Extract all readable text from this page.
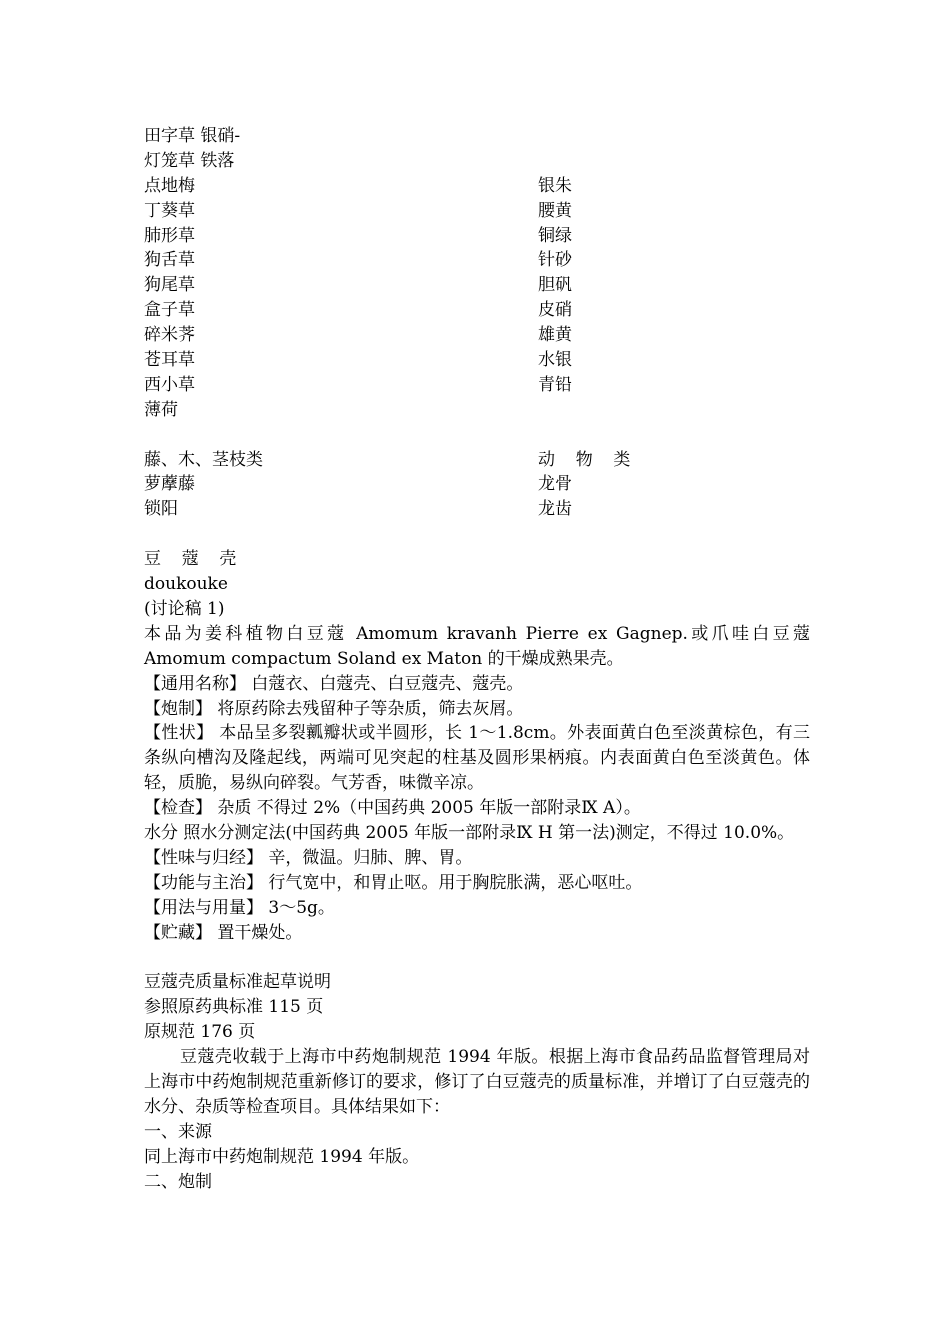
田字草 银硝-
灯笼草 铁落
点地梅	银朱
丁葵草	腰黄
肺形草	铜绿
狗舌草	针砂
狗尾草	胆矾
盒子草	皮硝
碎米荠	雄黄
苍耳草	水银
西小草	青铅
薄荷
藤、木、茎枝类	动 物 类
萝藦藤	龙骨
锁阳	龙齿
豆 蔻 壳
doukouke
(讨论稿 1)
本品为姜科植物白豆蔻 Amomum kravanh Pierre ex Gagnep.或爪哇白豆蔻 Amomum compactum Soland ex Maton 的干燥成熟果壳。
【通用名称】 白蔻衣、白蔻壳、白豆蔻壳、蔻壳。
【炮制】 将原药除去残留种子等杂质，筛去灰屑。
【性状】 本品呈多裂瓤瓣状或半圆形，长 1～1.8cm。外表面黄白色至淡黄棕色，有三条纵向槽沟及隆起线，两端可见突起的柱基及圆形果柄痕。内表面黄白色至淡黄色。体轻，质脆，易纵向碎裂。气芳香，味微辛凉。
【检查】 杂质 不得过 2%（中国药典 2005 年版一部附录Ⅸ A）。
水分 照水分测定法(中国药典 2005 年版一部附录Ⅸ H 第一法)测定，不得过 10.0%。
【性味与归经】 辛，微温。归肺、脾、胃。
【功能与主治】 行气宽中，和胃止呕。用于胸脘胀满，恶心呕吐。
【用法与用量】 3～5g。
【贮藏】 置干燥处。
豆蔻壳质量标准起草说明
参照原药典标准 115 页
原规范 176 页
豆蔻壳收载于上海市中药炮制规范 1994 年版。根据上海市食品药品监督管理局对上海市中药炮制规范重新修订的要求，修订了白豆蔻壳的质量标准，并增订了白豆蔻壳的水分、杂质等检查项目。具体结果如下：
一、来源
同上海市中药炮制规范 1994 年版。
二、炮制
